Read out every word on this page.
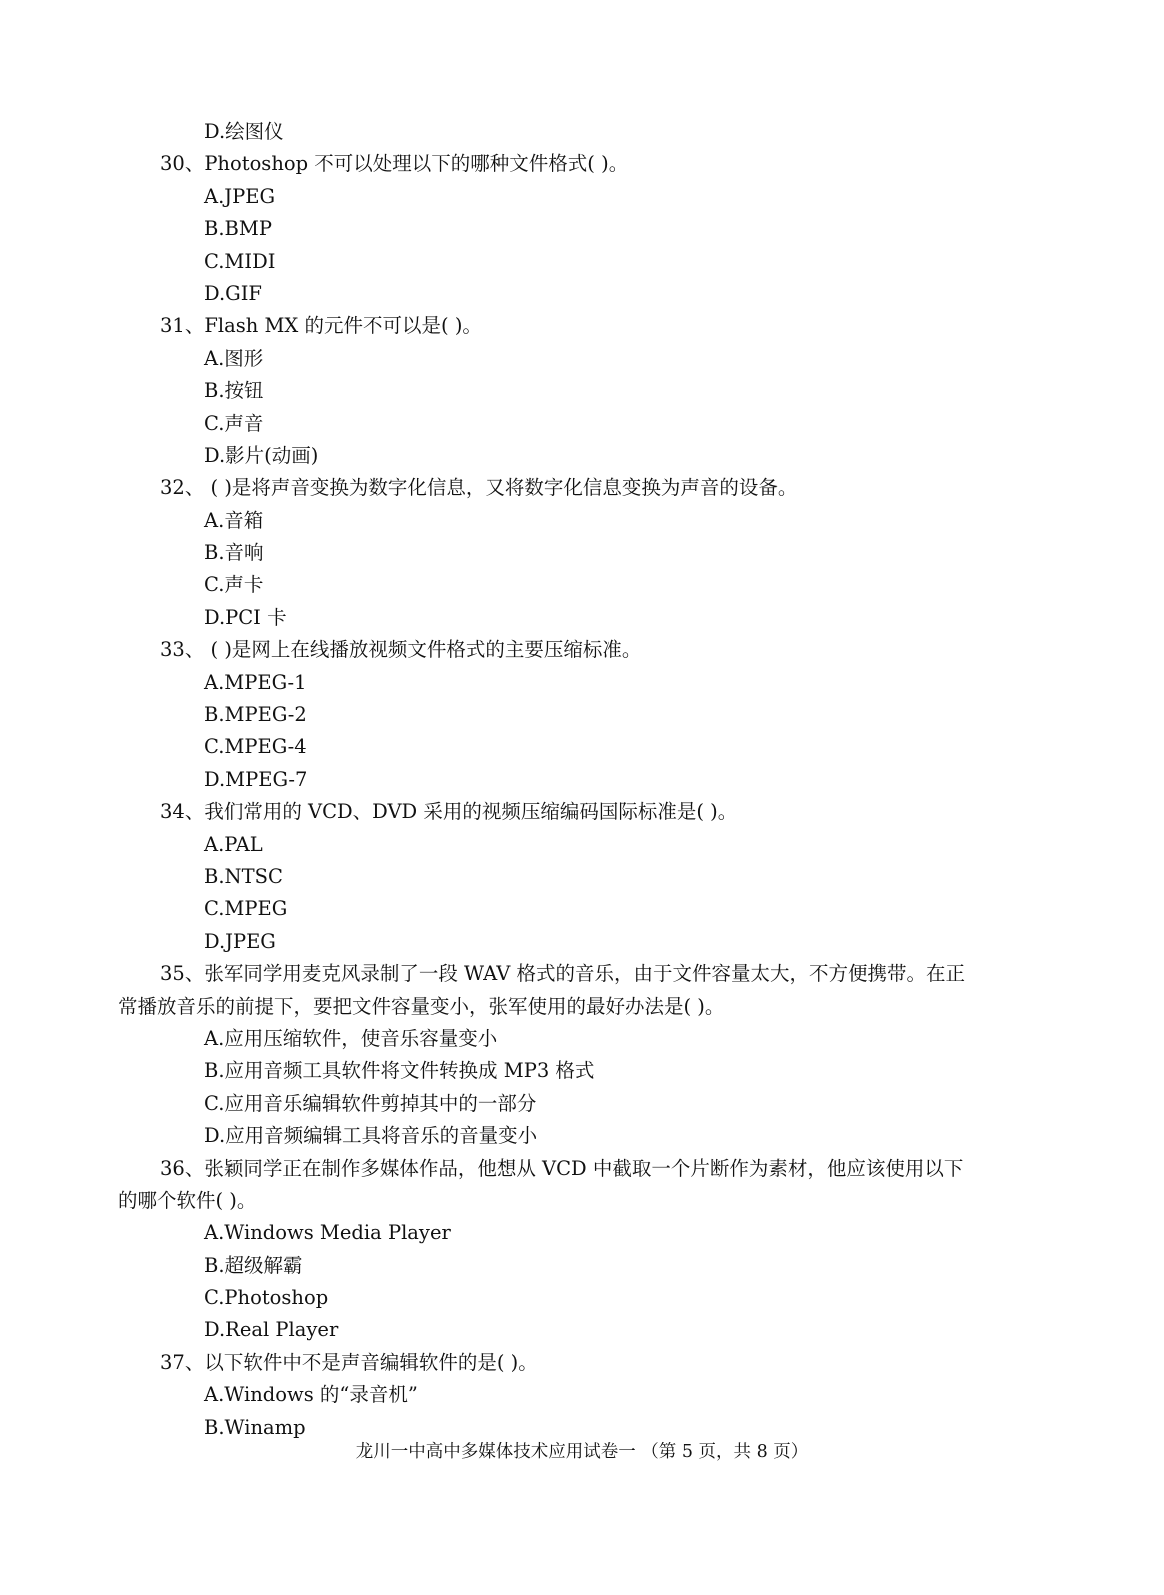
D.绘图仪
30、Photoshop 不可以处理以下的哪种文件格式( )。
A.JPEG
B.BMP
C.MIDI
D.GIF
31、Flash MX 的元件不可以是( )。
A.图形
B.按钮
C.声音
D.影片(动画)
32、 ( )是将声音变换为数字化信息，又将数字化信息变换为声音的设备。
A.音箱
B.音响
C.声卡
D.PCI 卡
33、 ( )是网上在线播放视频文件格式的主要压缩标准。
A.MPEG-1
B.MPEG-2
C.MPEG-4
D.MPEG-7
34、我们常用的 VCD、DVD 采用的视频压缩编码国际标准是( )。
A.PAL
B.NTSC
C.MPEG
D.JPEG
35、张军同学用麦克风录制了一段 WAV 格式的音乐，由于文件容量太大，不方便携带。在正
常播放音乐的前提下，要把文件容量变小，张军使用的最好办法是( )。
A.应用压缩软件，使音乐容量变小
B.应用音频工具软件将文件转换成 MP3 格式
C.应用音乐编辑软件剪掉其中的一部分
D.应用音频编辑工具将音乐的音量变小
36、张颖同学正在制作多媒体作品，他想从 VCD 中截取一个片断作为素材，他应该使用以下
的哪个软件( )。
A.Windows Media Player
B.超级解霸
C.Photoshop
D.Real Player
37、以下软件中不是声音编辑软件的是( )。
A.Windows 的“录音机”
B.Winamp
龙川一中高中多媒体技术应用试卷一 （第 5 页，共 8 页）
